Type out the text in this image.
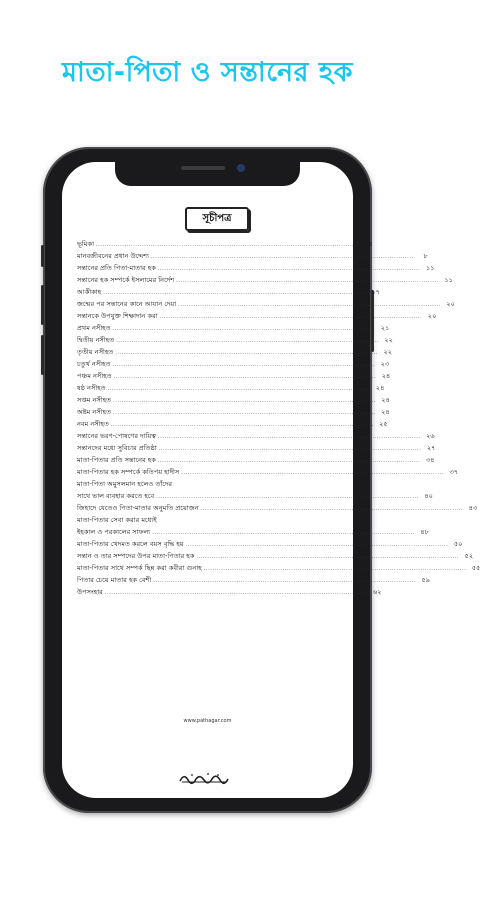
মাতা-পিতা ও সন্তানের হক
সূচীপত্র
ভূমিকা ........................................................................................................................	৫
মানবজীবনের প্রধান উদ্দেশ্য ........................................................................................................................	৮
সন্তানের প্রতি পিতা-মাতার হক ........................................................................................................................ ১১
সন্তানের হক সম্পর্কে ইসলামের নির্দেশ ........................................................................................................................ ১১
আকীকাহ ........................................................................................................................ ১৭
জন্মের পর সন্তানের কানে আযান দেয়া ........................................................................................................................ ২০
সন্তানকে উপযুক্ত শিক্ষাদান করা ........................................................................................................................ ২০
প্রথম নসীহত ........................................................................................................................ ২১
দ্বিতীয় নসীহত ........................................................................................................................ ২২
তৃতীয় নসীহত ........................................................................................................................ ২২
চতুর্থ নসীহত ........................................................................................................................ ২৩
পঞ্চম নসীহত ........................................................................................................................ ২৪
ষষ্ঠ নসীহত ........................................................................................................................ ২৪
সপ্তম নসীহত ........................................................................................................................ ২৪
অষ্টম নসীহত ........................................................................................................................ ২৪
নবম নসীহত ........................................................................................................................ ২৫
সন্তানের ভরণ-পোষণের দায়িত্ব ........................................................................................................................ ২৬
সন্তানদের মধ্যে সুবিচার প্রতিষ্ঠা ........................................................................................................................ ২৭
মাতা-পিতার প্রতি সন্তানের হক ........................................................................................................................ ৩৪
মাতা-পিতার হক সম্পর্কে কতিপয় হাদীস ........................................................................................................................ ৩৭
মাতা-পিতা অমুসলমান হলেও তাঁদের
সাথে ভাল ব্যবহার করতে হবে ........................................................................................................................ ৪০
জিহাদে যেতেও পিতা-মাতার অনুমতি প্রয়োজন ........................................................................................................................ ৪৩
মাতা-পিতার সেবা করার মধ্যেই
ইহকাল ও পরকালের সাফল্য ........................................................................................................................ ৪৮
মাতা-পিতার খেদমত করলে বয়স বৃদ্ধি হয় ........................................................................................................................ ৫০
সন্তান ও তার সম্পদের উপর মাতা-পিতার হক ........................................................................................................................ ৫২
মাতা-পিতার সাথে সম্পর্ক ছিন্ন করা কবীরা গুনাহ ........................................................................................................................ ৫৫
পিতার চেয়ে মাতার হক বেশী ........................................................................................................................ ৫৯
উপসংহার ........................................................................................................................ ৬২
www.pathagar.com
